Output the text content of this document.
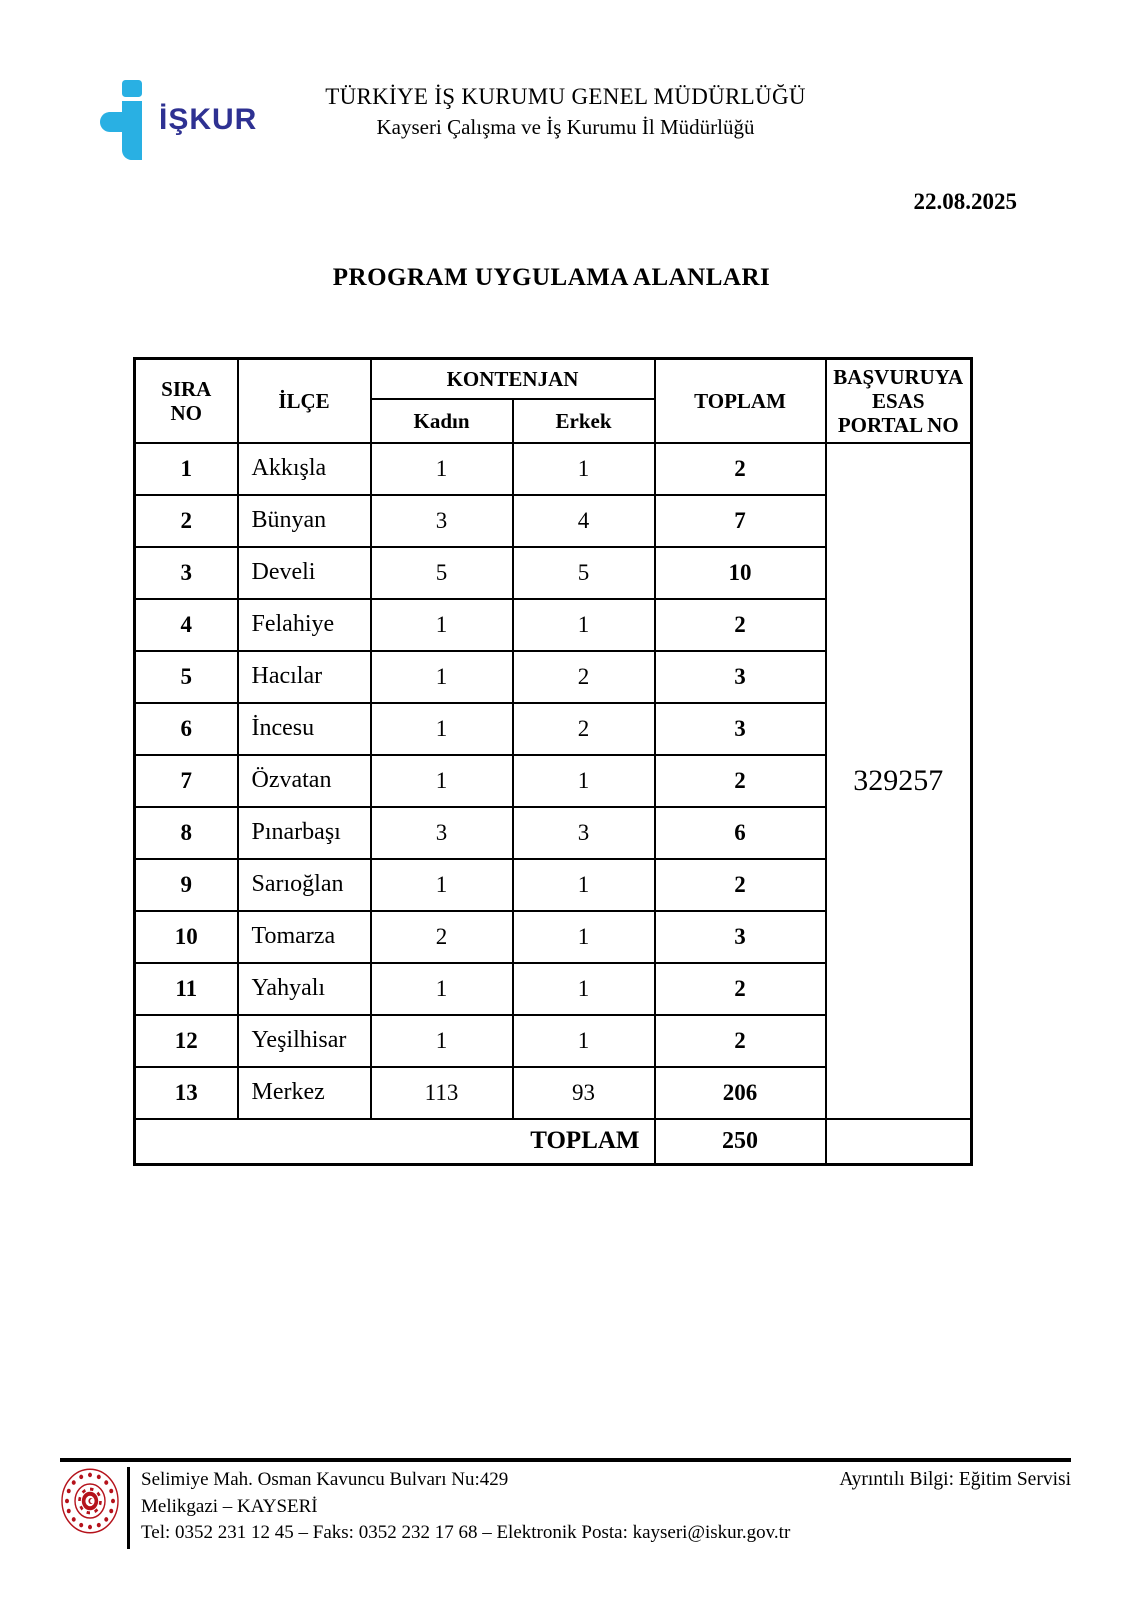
İŞKUR
TÜRKİYE İŞ KURUMU GENEL MÜDÜRLÜĞÜ
Kayseri Çalışma ve İş Kurumu İl Müdürlüğü
22.08.2025
PROGRAM UYGULAMA ALANLARI
SIRA
NO	İLÇE	KONTENJAN		TOPLAM	BAŞVURUYA
ESAS
PORTAL NO
		Kadın	Erkek		
1	Akkışla	1	1	2	329257
2	Bünyan	3	4	7	
3	Develi	5	5	10	
4	Felahiye	1	1	2	
5	Hacılar	1	2	3	
6	İncesu	1	2	3	
7	Özvatan	1	1	2	
8	Pınarbaşı	3	3	6	
9	Sarıoğlan	1	1	2	
10	Tomarza	2	1	3	
11	Yahyalı	1	1	2	
12	Yeşilhisar	1	1	2	
13	Merkez	113	93	206	
TOPLAM				250	
Selimiye Mah. Osman Kavuncu Bulvarı Nu:429
Melikgazi – KAYSERİ
Tel: 0352 231 12 45 – Faks: 0352 232 17 68 – Elektronik Posta: kayseri@iskur.gov.tr
Ayrıntılı Bilgi: Eğitim Servisi
